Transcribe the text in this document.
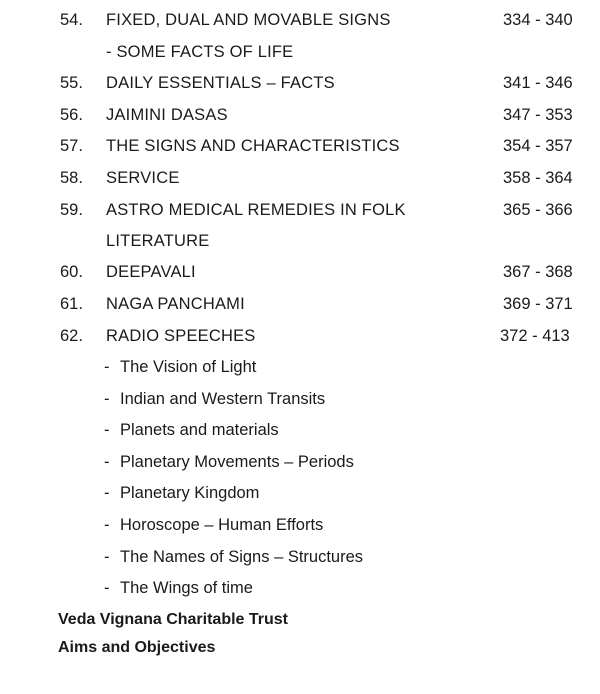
54. FIXED, DUAL AND MOVABLE SIGNS	334 - 340
- SOME FACTS OF LIFE
55. DAILY ESSENTIALS – FACTS	341 - 346
56. JAIMINI DASAS	347 - 353
57. THE SIGNS AND CHARACTERISTICS	354 - 357
58. SERVICE	358 - 364
59. ASTRO MEDICAL REMEDIES IN FOLK	365 - 366
LITERATURE
60. DEEPAVALI	367 - 368
61. NAGA PANCHAMI	369 - 371
62. RADIO SPEECHES	372 - 413
- The Vision of Light
- Indian and Western Transits
- Planets and materials
- Planetary Movements – Periods
- Planetary Kingdom
- Horoscope – Human Efforts
- The Names of Signs – Structures
- The Wings of time
Veda Vignana Charitable Trust
Aims and Objectives
